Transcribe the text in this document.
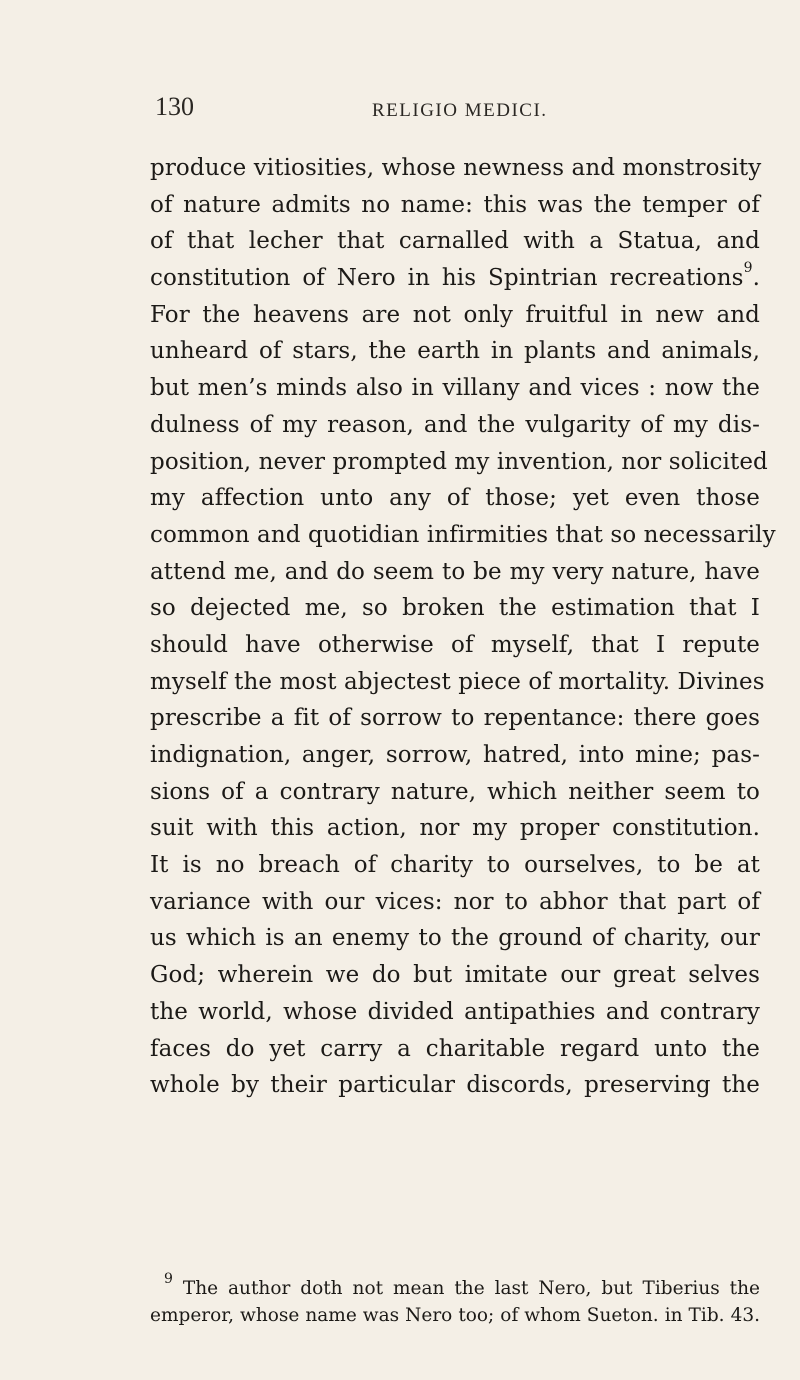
130	RELIGIO MEDICI.
produce vitiosities, whose newness and monstrosity
of nature admits no name: this was the temper of
of that lecher that carnalled with a Statua, and
constitution of Nero in his Spintrian recreations$^9$.
For the heavens are not only fruitful in new and
unheard of stars, the earth in plants and animals,
but men’s minds also in villany and vices : now the
dulness of my reason, and the vulgarity of my dis-
position, never prompted my invention, nor solicited
my affection unto any of those; yet even those
common and quotidian infirmities that so necessarily
attend me, and do seem to be my very nature, have
so dejected me, so broken the estimation that I
should have otherwise of myself, that I repute
myself the most abjectest piece of mortality. Divines
prescribe a fit of sorrow to repentance: there goes
indignation, anger, sorrow, hatred, into mine; pas-
sions of a contrary nature, which neither seem to
suit with this action, nor my proper constitution.
It is no breach of charity to ourselves, to be at
variance with our vices: nor to abhor that part of
us which is an enemy to the ground of charity, our
God; wherein we do but imitate our great selves
the world, whose divided antipathies and contrary
faces do yet carry a charitable regard unto the
whole by their particular discords, preserving the
$^9$ The author doth not mean the last Nero, but Tiberius the
emperor, whose name was Nero too; of whom Sueton. in Tib. 43.
